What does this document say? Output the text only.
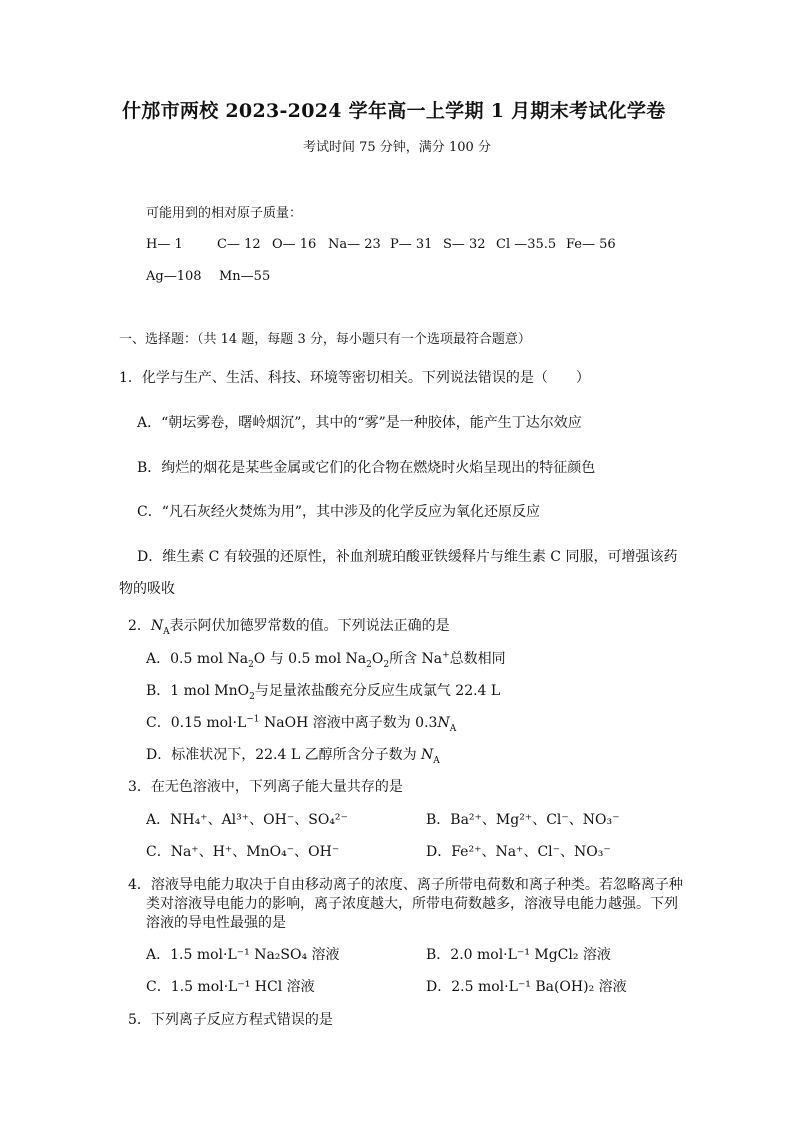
什邡市两校 2023-2024 学年高一上学期 1 月期末考试化学卷
考试时间 75 分钟，满分 100 分
可能用到的相对原子质量：
H— 1	C— 12 O— 16 Na— 23 P— 31 S— 32 Cl —35.5 Fe— 56
Ag—108 Mn—55
一、选择题：（共 14 题，每题 3 分，每小题只有一个选项最符合题意）
1．化学与生产、生活、科技、环境等密切相关。下列说法错误的是（　　）
A．“朝坛雾卷，曙岭烟沉”，其中的“雾”是一种胶体，能产生丁达尔效应
B．绚烂的烟花是某些金属或它们的化合物在燃烧时火焰呈现出的特征颜色
C．“凡石灰经火焚炼为用”，其中涉及的化学反应为氧化还原反应
D．维生素 C 有较强的还原性，补血剂琥珀酸亚铁缓释片与维生素 C 同服，可增强该药
物的吸收
2．$N_A$表示阿伏加德罗常数的值。下列说法正确的是
A．0.5 mol $Na_2O$ 与 0.5 mol $Na_2O_2$所含 Na+总数相同
B．1 mol MnO$_2$与足量浓盐酸充分反应生成氯气 22.4 L
C．0.15 $mol\cdot L^{-1}$ NaOH 溶液中离子数为 $0.3N_A$
D．标准状况下，22.4 L 乙醇所含分子数为 $N_A$
3．在无色溶液中，下列离子能大量共存的是
A．NH₄⁺、Al³⁺、OH⁻、SO₄²⁻	B．Ba²⁺、Mg²⁺、Cl⁻、NO₃⁻
C．Na⁺、H⁺、MnO₄⁻、OH⁻	D．Fe²⁺、Na⁺、Cl⁻、NO₃⁻
4．溶液导电能力取决于自由移动离子的浓度、离子所带电荷数和离子种类。若忽略离子种
类对溶液导电能力的影响，离子浓度越大，所带电荷数越多，溶液导电能力越强。下列
溶液的导电性最强的是
A．1.5 mol·L⁻¹ Na₂SO₄ 溶液	B．2.0 mol·L⁻¹ MgCl₂ 溶液
C．1.5 mol·L⁻¹ HCl 溶液	D．2.5 mol·L⁻¹ Ba(OH)₂ 溶液
5．下列离子反应方程式错误的是
